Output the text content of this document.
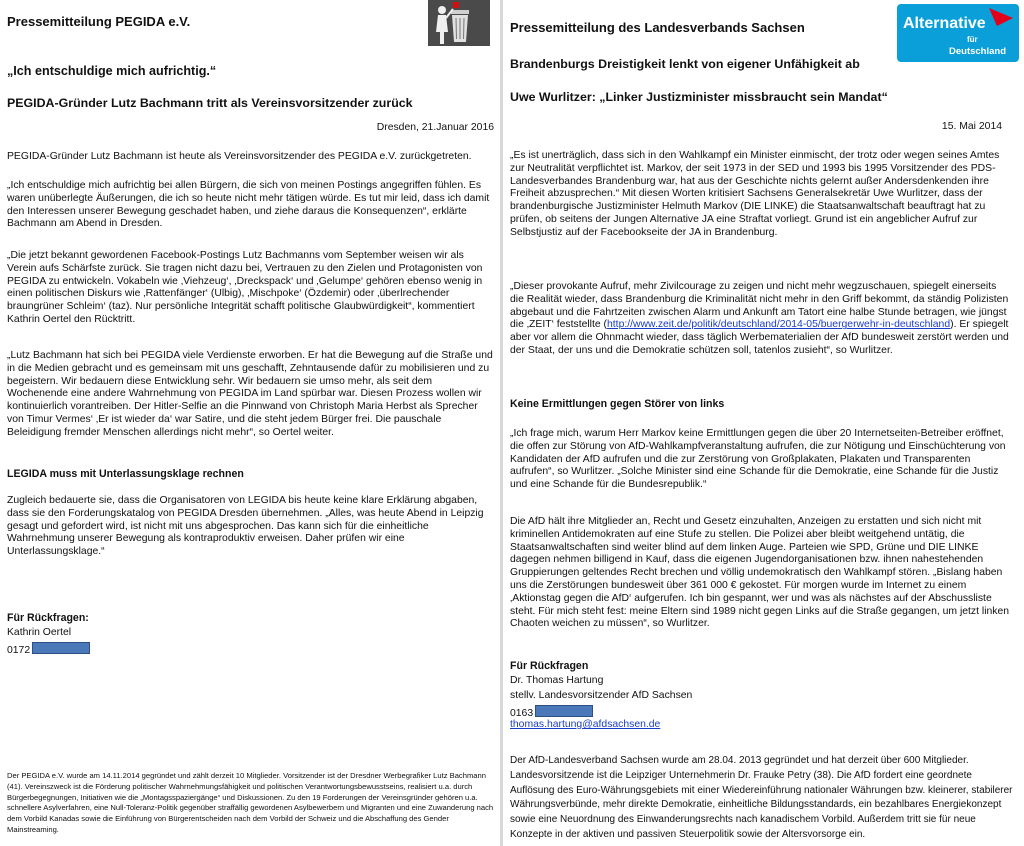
Pressemitteilung PEGIDA e.V.
„Ich entschuldige mich aufrichtig.“
PEGIDA-Gründer Lutz Bachmann tritt als Vereinsvorsitzender zurück
Dresden, 21.Januar 2016
PEGIDA-Gründer Lutz Bachmann ist heute als Vereinsvorsitzender des PEGIDA e.V. zurückgetreten.
„Ich entschuldige mich aufrichtig bei allen Bürgern, die sich von meinen Postings angegriffen fühlen. Es waren unüberlegte Äußerungen, die ich so heute nicht mehr tätigen würde. Es tut mir leid, dass ich damit den Interessen unserer Bewegung geschadet haben, und ziehe daraus die Konsequenzen“, erklärte Bachmann am Abend in Dresden.
„Die jetzt bekannt gewordenen Facebook-Postings Lutz Bachmanns vom September weisen wir als Verein aufs Schärfste zurück. Sie tragen nicht dazu bei, Vertrauen zu den Zielen und Protagonisten von PEGIDA zu entwickeln. Vokabeln wie ‚Viehzeug‘, ‚Dreckspack‘ und ‚Gelumpe‘ gehören ebenso wenig in einen politischen Diskurs wie ‚Rattenfänger‘ (Ulbig), ‚Mischpoke‘ (Özdemir) oder ‚überlrechender braungrüner Schleim‘ (taz). Nur persönliche Integrität schafft politische Glaubwürdigkeit“, kommentiert Kathrin Oertel den Rücktritt.
„Lutz Bachmann hat sich bei PEGIDA viele Verdienste erworben. Er hat die Bewegung auf die Straße und in die Medien gebracht und es gemeinsam mit uns geschafft, Zehntausende dafür zu mobilisieren und zu begeistern. Wir bedauern diese Entwicklung sehr. Wir bedauern sie umso mehr, als seit dem Wochenende eine andere Wahrnehmung von PEGIDA im Land spürbar war. Diesen Prozess wollen wir kontinuierlich vorantreiben. Der Hitler-Selfie an die Pinnwand von Christoph Maria Herbst als Sprecher von Timur Vermes‘ ‚Er ist wieder da‘ war Satire, und die steht jedem Bürger frei. Die pauschale Beleidigung fremder Menschen allerdings nicht mehr“, so Oertel weiter.
LEGIDA muss mit Unterlassungsklage rechnen
Zugleich bedauerte sie, dass die Organisatoren von LEGIDA bis heute keine klare Erklärung abgaben, dass sie den Forderungskatalog von PEGIDA Dresden übernehmen. „Alles, was heute Abend in Leipzig gesagt und gefordert wird, ist nicht mit uns abgesprochen. Das kann sich für die einheitliche Wahrnehmung unserer Bewegung als kontraproduktiv erweisen. Daher prüfen wir eine Unterlassungsklage.“
Für Rückfragen:
Kathrin Oertel
0172
Der PEGIDA e.V. wurde am 14.11.2014 gegründet und zählt derzeit 10 Mitglieder. Vorsitzender ist der Dresdner Werbegrafiker Lutz Bachmann (41). Vereinszweck ist die Förderung politischer Wahrnehmungsfähigkeit und politischen Verantwortungsbewusstseins, realisiert u.a. durch Bürgerbegegnungen, Initiativen wie die „Montagsspaziergänge“ und Diskussionen. Zu den 19 Forderungen der Vereinsgründer gehören u.a. schnellere Asylverfahren, eine Null-Toleranz-Politik gegenüber straffällig gewordenen Asylbewerbern und Migranten und eine Zuwanderung nach dem Vorbild Kanadas sowie die Einführung von Bürgerentscheiden nach dem Vorbild der Schweiz und die Abschaffung des Gender Mainstreaming.
Pressemitteilung des Landesverbands Sachsen	Alternative
für
Deutschland
Brandenburgs Dreistigkeit lenkt von eigener Unfähigkeit ab
Uwe Wurlitzer: „Linker Justizminister missbraucht sein Mandat“
15. Mai 2014
„Es ist unerträglich, dass sich in den Wahlkampf ein Minister einmischt, der trotz oder wegen seines Amtes zur Neutralität verpflichtet ist. Markov, der seit 1973 in der SED und 1993 bis 1995 Vorsitzender des PDS-Landesverbandes Brandenburg war, hat aus der Geschichte nichts gelernt außer Andersdenkenden ihre Freiheit abzusprechen.“ Mit diesen Worten kritisiert Sachsens Generalsekretär Uwe Wurlitzer, dass der brandenburgische Justizminister Helmuth Markov (DIE LINKE) die Staatsanwaltschaft beauftragt hat zu prüfen, ob seitens der Jungen Alternative JA eine Straftat vorliegt. Grund ist ein angeblicher Aufruf zur Selbstjustiz auf der Facebookseite der JA in Brandenburg.
„Dieser provokante Aufruf, mehr Zivilcourage zu zeigen und nicht mehr wegzuschauen, spiegelt einerseits die Realität wieder, dass Brandenburg die Kriminalität nicht mehr in den Griff bekommt, da ständig Polizisten abgebaut und die Fahrtzeiten zwischen Alarm und Ankunft am Tatort eine halbe Stunde betragen, wie jüngst die ‚ZEIT‘ feststellte (http://www.zeit.de/politik/deutschland/2014-05/buergerwehr-in-deutschland). Er spiegelt aber vor allem die Ohnmacht wieder, dass täglich Werbematerialien der AfD bundesweit zerstört werden und der Staat, der uns und die Demokratie schützen soll, tatenlos zusieht“, so Wurlitzer.
Keine Ermittlungen gegen Störer von links
„Ich frage mich, warum Herr Markov keine Ermittlungen gegen die über 20 Internetseiten-Betreiber eröffnet, die offen zur Störung von AfD-Wahlkampfveranstaltung aufrufen, die zur Nötigung und Einschüchterung von Kandidaten der AfD aufrufen und die zur Zerstörung von Großplakaten, Plakaten und Transparenten aufrufen“, so Wurlitzer. „Solche Minister sind eine Schande für die Demokratie, eine Schande für die Justiz und eine Schande für die Bundesrepublik.“
Die AfD hält ihre Mitglieder an, Recht und Gesetz einzuhalten, Anzeigen zu erstatten und sich nicht mit kriminellen Antidemokraten auf eine Stufe zu stellen. Die Polizei aber bleibt weitgehend untätig, die Staatsanwaltschaften sind weiter blind auf dem linken Auge. Parteien wie SPD, Grüne und DIE LINKE dagegen nehmen billigend in Kauf, dass die eigenen Jugendorganisationen bzw. ihnen nahestehenden Gruppierungen geltendes Recht brechen und völlig undemokratisch den Wahlkampf stören. „Bislang haben uns die Zerstörungen bundesweit über 361 000 € gekostet. Für morgen wurde im Internet zu einem ‚Aktionstag gegen die AfD‘ aufgerufen. Ich bin gespannt, wer und was als nächstes auf der Abschussliste steht. Für mich steht fest: meine Eltern sind 1989 nicht gegen Links auf die Straße gegangen, um jetzt linken Chaoten weichen zu müssen“, so Wurlitzer.
Für Rückfragen
Dr. Thomas Hartung
stellv. Landesvorsitzender AfD Sachsen
0163
thomas.hartung@afdsachsen.de
Der AfD-Landesverband Sachsen wurde am 28.04. 2013 gegründet und hat derzeit über 600 Mitglieder. Landesvorsitzende ist die Leipziger Unternehmerin Dr. Frauke Petry (38). Die AfD fordert eine geordnete Auflösung des Euro-Währungsgebiets mit einer Wiedereinführung nationaler Währungen bzw. kleinerer, stabilerer Währungsverbünde, mehr direkte Demokratie, einheitliche Bildungsstandards, ein bezahlbares Energiekonzept sowie eine Neuordnung des Einwanderungsrechts nach kanadischem Vorbild. Außerdem tritt sie für neue Konzepte in der aktiven und passiven Steuerpolitik sowie der Altersvorsorge ein.
